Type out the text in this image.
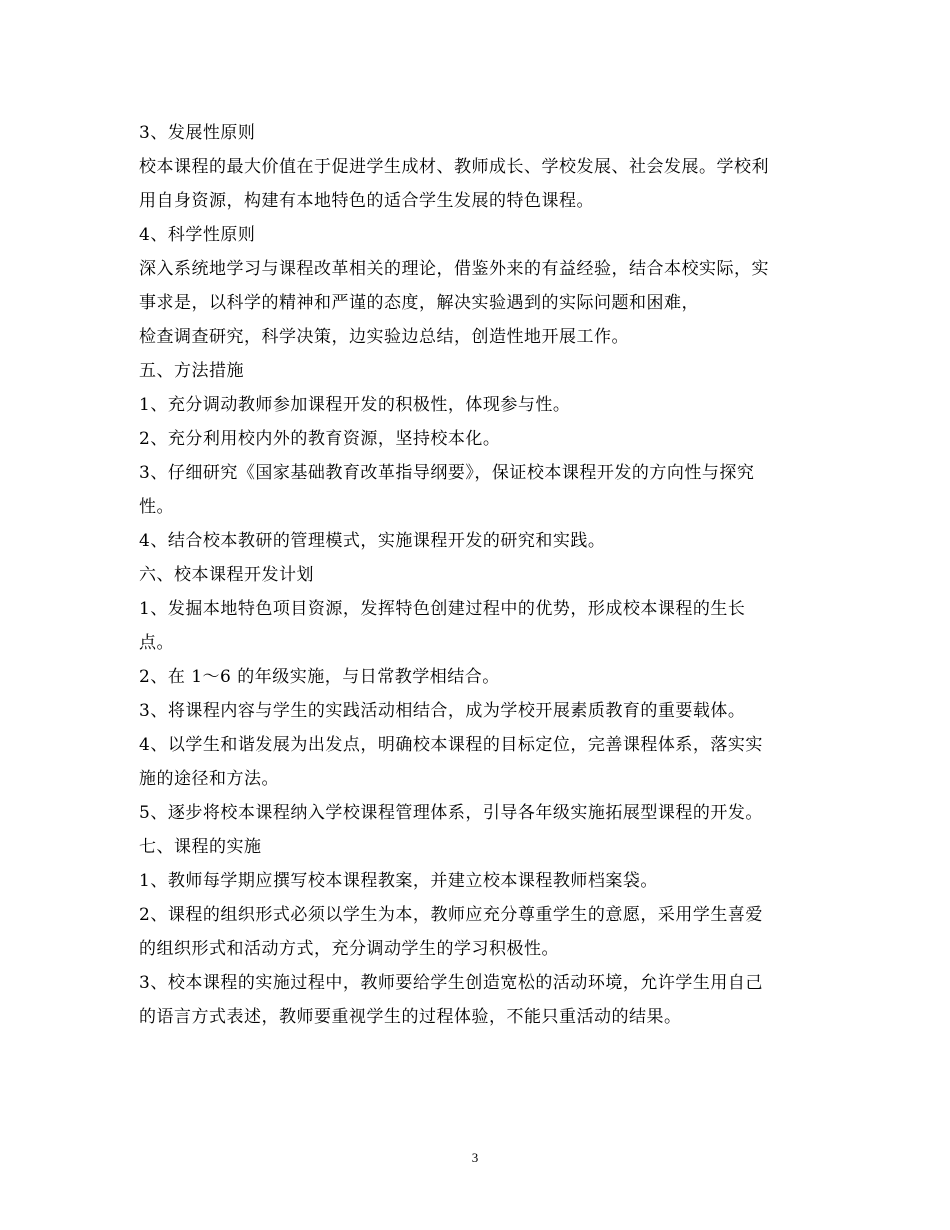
3、发展性原则
校本课程的最大价值在于促进学生成材、教师成长、学校发展、社会发展。学校利
用自身资源，构建有本地特色的适合学生发展的特色课程。
4、科学性原则
深入系统地学习与课程改革相关的理论，借鉴外来的有益经验，结合本校实际，实
事求是，以科学的精神和严谨的态度，解决实验遇到的实际问题和困难，
检查调查研究，科学决策，边实验边总结，创造性地开展工作。
五、方法措施
1、充分调动教师参加课程开发的积极性，体现参与性。
2、充分利用校内外的教育资源，坚持校本化。
3、仔细研究《国家基础教育改革指导纲要》，保证校本课程开发的方向性与探究
性。
4、结合校本教研的管理模式，实施课程开发的研究和实践。
六、校本课程开发计划
1、发掘本地特色项目资源，发挥特色创建过程中的优势，形成校本课程的生长
点。
2、在 1～6 的年级实施，与日常教学相结合。
3、将课程内容与学生的实践活动相结合，成为学校开展素质教育的重要载体。
4、以学生和谐发展为出发点，明确校本课程的目标定位，完善课程体系，落实实
施的途径和方法。
5、逐步将校本课程纳入学校课程管理体系，引导各年级实施拓展型课程的开发。
七、课程的实施
1、教师每学期应撰写校本课程教案，并建立校本课程教师档案袋。
2、课程的组织形式必须以学生为本，教师应充分尊重学生的意愿，采用学生喜爱
的组织形式和活动方式，充分调动学生的学习积极性。
3、校本课程的实施过程中，教师要给学生创造宽松的活动环境，允许学生用自己
的语言方式表述，教师要重视学生的过程体验，不能只重活动的结果。
3
